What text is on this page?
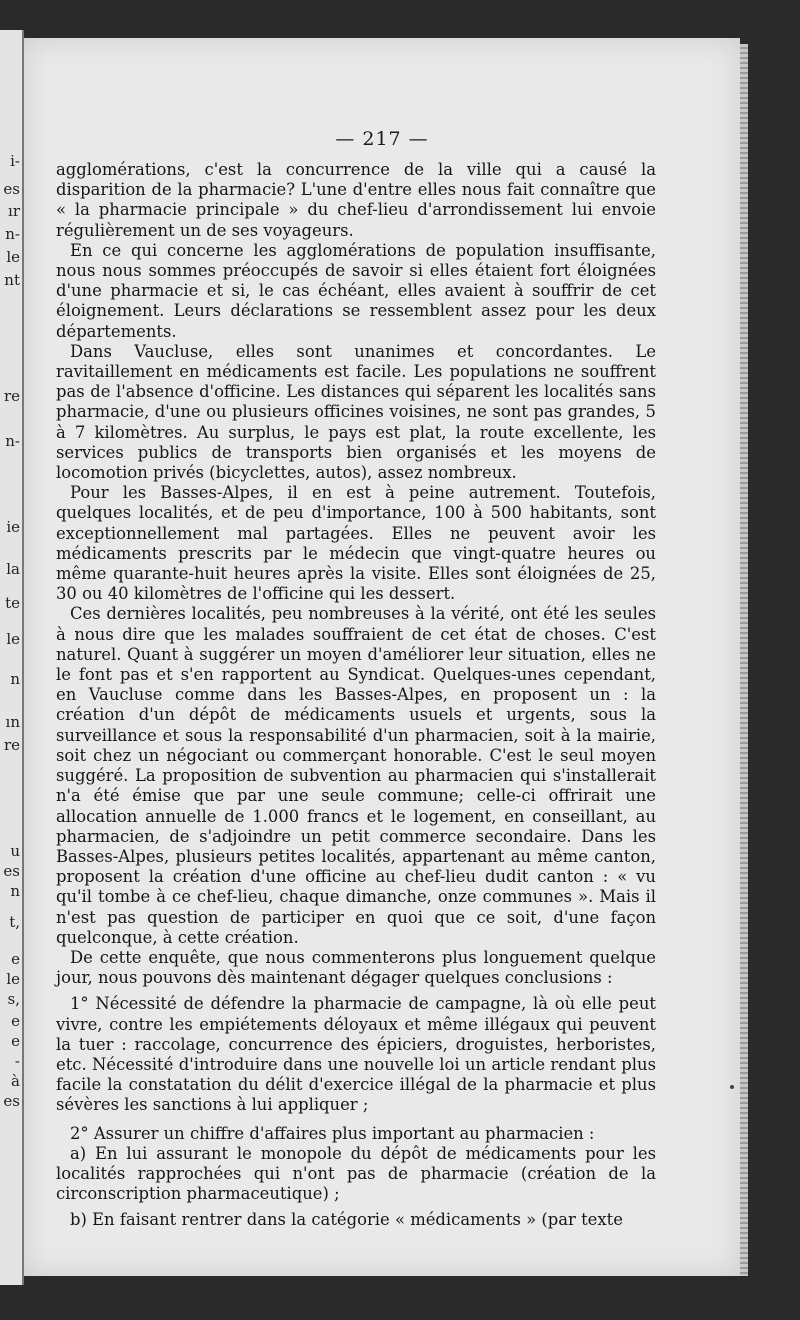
i-
es
ır
n-
le
nt
re
n-
ie
la
te
le
n
ın
re
u
es
n
t,
e
le
s,
e
e
-
à
es
— 217 —

agglomérations, c'est la concurrence de la ville qui a causé la disparition de la pharmacie? L'une d'entre elles nous fait connaître que « la pharmacie principale » du chef-lieu d'arrondissement lui envoie régulièrement un de ses voyageurs.

En ce qui concerne les agglomérations de population insuffisante, nous nous sommes préoccupés de savoir si elles étaient fort éloignées d'une pharmacie et si, le cas échéant, elles avaient à souffrir de cet éloignement. Leurs déclarations se ressemblent assez pour les deux départements.

Dans Vaucluse, elles sont unanimes et concordantes. Le ravitaillement en médicaments est facile. Les populations ne souffrent pas de l'absence d'officine. Les distances qui séparent les localités sans pharmacie, d'une ou plusieurs officines voisines, ne sont pas grandes, 5 à 7 kilomètres. Au surplus, le pays est plat, la route excellente, les services publics de transports bien organisés et les moyens de locomotion privés (bicyclettes, autos), assez nombreux.

Pour les Basses-Alpes, il en est à peine autrement. Toutefois, quelques localités, et de peu d'importance, 100 à 500 habitants, sont exceptionnellement mal partagées. Elles ne peuvent avoir les médicaments prescrits par le médecin que vingt-quatre heures ou même quarante-huit heures après la visite. Elles sont éloignées de 25, 30 ou 40 kilomètres de l'officine qui les dessert.

Ces dernières localités, peu nombreuses à la vérité, ont été les seules à nous dire que les malades souffraient de cet état de choses. C'est naturel. Quant à suggérer un moyen d'améliorer leur situation, elles ne le font pas et s'en rapportent au Syndicat. Quelques-unes cependant, en Vaucluse comme dans les Basses-Alpes, en proposent un : la création d'un dépôt de médicaments usuels et urgents, sous la surveillance et sous la responsabilité d'un pharmacien, soit à la mairie, soit chez un négociant ou commerçant honorable. C'est le seul moyen suggéré. La proposition de subvention au pharmacien qui s'installerait n'a été émise que par une seule commune; celle-ci offrirait une allocation annuelle de 1.000 francs et le logement, en conseillant, au pharmacien, de s'adjoindre un petit commerce secondaire. Dans les Basses-Alpes, plusieurs petites localités, appartenant au même canton, proposent la création d'une officine au chef-lieu dudit canton : « vu qu'il tombe à ce chef-lieu, chaque dimanche, onze communes ». Mais il n'est pas question de participer en quoi que ce soit, d'une façon quelconque, à cette création.

De cette enquête, que nous commenterons plus longuement quelque jour, nous pouvons dès maintenant dégager quelques conclusions :

1° Nécessité de défendre la pharmacie de campagne, là où elle peut vivre, contre les empiétements déloyaux et même illégaux qui peuvent la tuer : raccolage, concurrence des épiciers, droguistes, herboristes, etc. Nécessité d'introduire dans une nouvelle loi un article rendant plus facile la constatation du délit d'exercice illégal de la pharmacie et plus sévères les sanctions à lui appliquer ;

2° Assurer un chiffre d'affaires plus important au pharmacien :

a) En lui assurant le monopole du dépôt de médicaments pour les localités rapprochées qui n'ont pas de pharmacie (création de la circonscription pharmaceutique) ;

b) En faisant rentrer dans la catégorie « médicaments » (par texte
